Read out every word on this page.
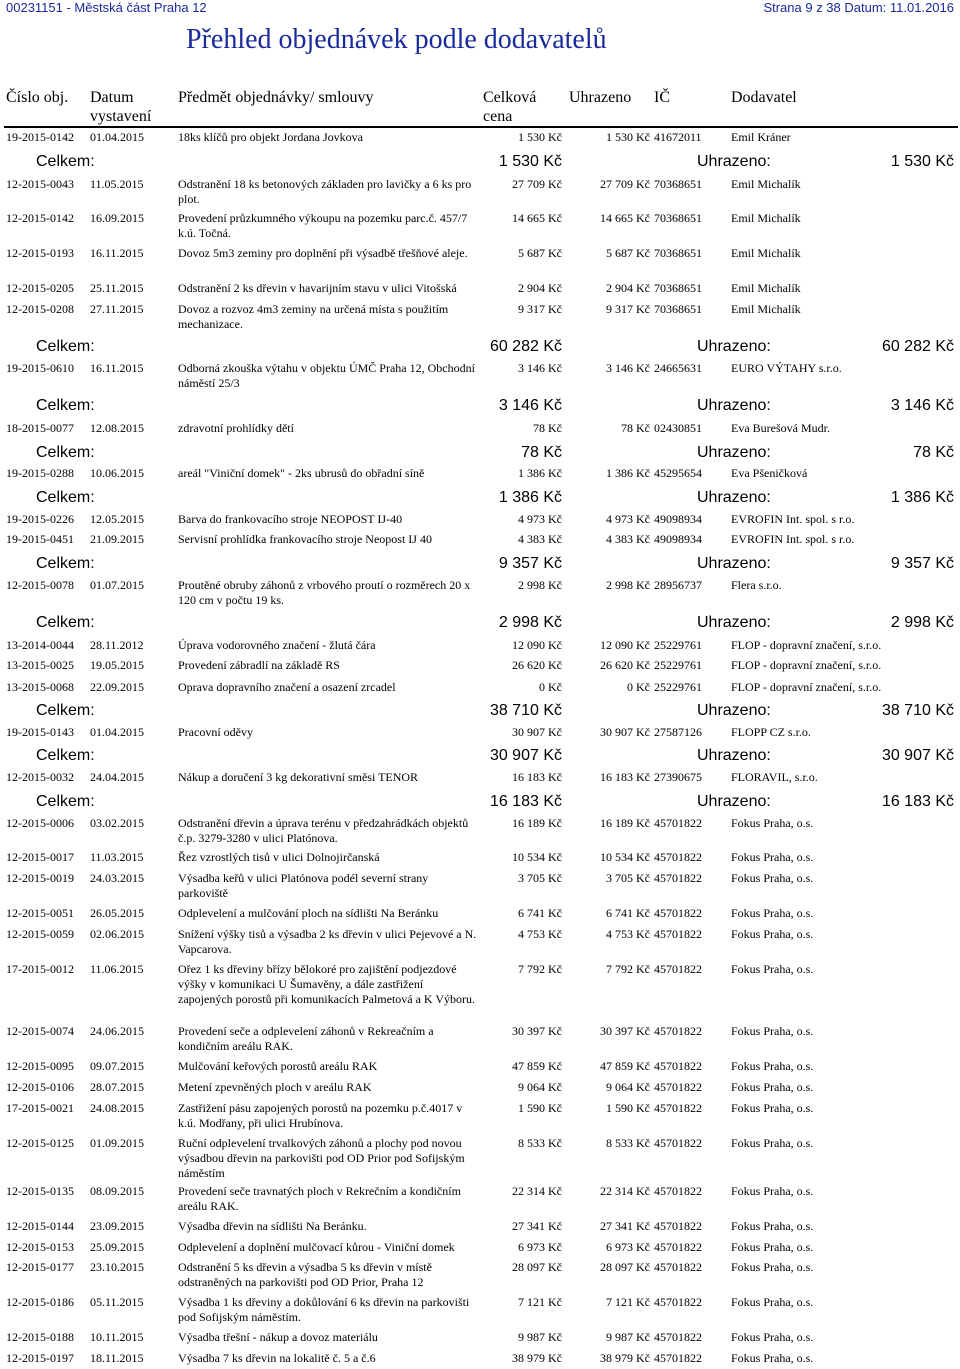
00231151 - Městská část Praha 12	Strana 9 z 38 Datum: 11.01.2016
Přehled objednávek podle dodavatelů
Číslo obj. Datum
vystavení
Předmět objednávky/ smlouvy	Celková
cena
Uhrazeno IČ	Dodavatel
19-2015-0142 01.04.2015	18ks klíčů pro objekt Jordana Jovkova	1 530 Kč	1 530 Kč 41672011 Emil Kráner
Celkem:	1 530 Kč	Uhrazeno:	1 530 Kč
12-2015-0043 11.05.2015	Odstranění 18 ks betonových základen pro lavičky a 6 ks pro plot.
27 709 Kč	27 709 Kč 70368651 Emil Michalík
12-2015-0142 16.09.2015	Provedení průzkumného výkoupu na pozemku parc.č. 457/7 k.ú. Točná.
14 665 Kč	14 665 Kč 70368651 Emil Michalík
12-2015-0193 16.11.2015	Dovoz 5m3 zeminy pro doplnění při výsadbě třešňové aleje.	5 687 Kč	5 687 Kč 70368651 Emil Michalík
12-2015-0205 25.11.2015	Odstranění 2 ks dřevin v havarijním stavu v ulici Vitošská	2 904 Kč	2 904 Kč 70368651 Emil Michalík
12-2015-0208 27.11.2015	Dovoz a rozvoz 4m3 zeminy na určená místa s použitím mechanizace.
9 317 Kč	9 317 Kč 70368651 Emil Michalík
Celkem:	60 282 Kč	Uhrazeno:	60 282 Kč
19-2015-0610 16.11.2015	Odborná zkouška výtahu v objektu ÚMČ Praha 12, Obchodní náměstí 25/3
3 146 Kč	3 146 Kč 24665631 EURO VÝTAHY s.r.o.
Celkem:	3 146 Kč	Uhrazeno:	3 146 Kč
18-2015-0077 12.08.2015	zdravotní prohlídky dětí	78 Kč	78 Kč 02430851 Eva Burešová Mudr.
Celkem:	78 Kč	Uhrazeno:	78 Kč
19-2015-0288 10.06.2015	areál "Viniční domek" - 2ks ubrusů do obřadní síně	1 386 Kč	1 386 Kč 45295654 Eva Pšeničková
Celkem:	1 386 Kč	Uhrazeno:	1 386 Kč
19-2015-0226 12.05.2015	Barva do frankovacího stroje NEOPOST IJ-40	4 973 Kč	4 973 Kč 49098934 EVROFIN Int. spol. s r.o.
19-2015-0451 21.09.2015	Servisní prohlídka frankovacího stroje Neopost IJ 40	4 383 Kč	4 383 Kč 49098934 EVROFIN Int. spol. s r.o.
Celkem:	9 357 Kč	Uhrazeno:	9 357 Kč
12-2015-0078 01.07.2015	Proutěné obruby záhonů z vrbového proutí o rozměrech 20 x 120 cm v počtu 19 ks.
2 998 Kč	2 998 Kč 28956737 Flera s.r.o.
Celkem:	2 998 Kč	Uhrazeno:	2 998 Kč
13-2014-0044 28.11.2012	Úprava vodorovného značení - žlutá čára	12 090 Kč	12 090 Kč 25229761 FLOP - dopravní značení, s.r.o.
13-2015-0025 19.05.2015	Provedení zábradlí na základě RS	26 620 Kč	26 620 Kč 25229761 FLOP - dopravní značení, s.r.o.
13-2015-0068 22.09.2015	Oprava dopravního značení a osazení zrcadel	0 Kč	0 Kč 25229761 FLOP - dopravní značení, s.r.o.
Celkem:	38 710 Kč	Uhrazeno:	38 710 Kč
19-2015-0143 01.04.2015	Pracovní oděvy	30 907 Kč	30 907 Kč 27587126 FLOPP CZ s.r.o.
Celkem:	30 907 Kč	Uhrazeno:	30 907 Kč
12-2015-0032 24.04.2015	Nákup a doručení 3 kg dekorativní směsi TENOR	16 183 Kč	16 183 Kč 27390675 FLORAVIL, s.r.o.
Celkem:	16 183 Kč	Uhrazeno:	16 183 Kč
12-2015-0006 03.02.2015	Odstranění dřevin a úprava terénu v předzahrádkách objektů č.p. 3279-3280 v ulici Platónova.
16 189 Kč	16 189 Kč 45701822 Fokus Praha, o.s.
12-2015-0017 11.03.2015	Řez vzrostlých tisů v ulici Dolnojirčanská	10 534 Kč	10 534 Kč 45701822 Fokus Praha, o.s.
12-2015-0019 24.03.2015	Výsadba keřů v ulici Platónova podél severní strany parkoviště
3 705 Kč	3 705 Kč 45701822 Fokus Praha, o.s.
12-2015-0051 26.05.2015	Odplevelení a mulčování ploch na sídlišti Na Beránku	6 741 Kč	6 741 Kč 45701822 Fokus Praha, o.s.
12-2015-0059 02.06.2015	Snížení výšky tisů a výsadba 2 ks dřevin v ulici Pejevové a N. Vapcarova.
4 753 Kč	4 753 Kč 45701822 Fokus Praha, o.s.
17-2015-0012 11.06.2015	Ořez 1 ks dřeviny břízy bělokoré pro zajištění podjezdové výšky v komunikaci U Šumavěny, a dále zastřižení zapojených porostů při komunikacích Palmetová a K Výboru.
7 792 Kč	7 792 Kč 45701822 Fokus Praha, o.s.
12-2015-0074 24.06.2015	Provedení seče a odplevelení záhonů v Rekreačním a kondičním areálu RAK.
30 397 Kč	30 397 Kč 45701822 Fokus Praha, o.s.
12-2015-0095 09.07.2015	Mulčování keřových porostů areálu RAK	47 859 Kč	47 859 Kč 45701822 Fokus Praha, o.s.
12-2015-0106 28.07.2015	Metení zpevněných ploch v areálu RAK	9 064 Kč	9 064 Kč 45701822 Fokus Praha, o.s.
17-2015-0021 24.08.2015	Zastřižení pásu zapojených porostů na pozemku p.č.4017 v k.ú. Modřany, při ulici Hrubínova.
1 590 Kč	1 590 Kč 45701822 Fokus Praha, o.s.
12-2015-0125 01.09.2015	Ruční odplevelení trvalkových záhonů a plochy pod novou výsadbou dřevin na parkovišti pod OD Prior pod Sofijským náměstím
8 533 Kč	8 533 Kč 45701822 Fokus Praha, o.s.
12-2015-0135 08.09.2015	Provedení seče travnatých ploch v Rekrečním a kondičním areálu RAK.
22 314 Kč	22 314 Kč 45701822 Fokus Praha, o.s.
12-2015-0144 23.09.2015	Výsadba dřevin na sídlišti Na Beránku.	27 341 Kč	27 341 Kč 45701822 Fokus Praha, o.s.
12-2015-0153 25.09.2015	Odplevelení a doplnění mulčovací kůrou - Viniční domek	6 973 Kč	6 973 Kč 45701822 Fokus Praha, o.s.
12-2015-0177 23.10.2015	Odstranění 5 ks dřevin a výsadba 5 ks dřevin v místě odstraněných na parkovišti pod OD Prior, Praha 12
28 097 Kč	28 097 Kč 45701822 Fokus Praha, o.s.
12-2015-0186 05.11.2015	Výsadba 1 ks dřeviny a dokůlování 6 ks dřevin na parkovišti pod Sofijským náměstím.
7 121 Kč	7 121 Kč 45701822 Fokus Praha, o.s.
12-2015-0188 10.11.2015	Výsadba třešní - nákup a dovoz materiálu	9 987 Kč	9 987 Kč 45701822 Fokus Praha, o.s.
12-2015-0197 18.11.2015	Výsadba 7 ks dřevin na lokalitě č. 5 a č.6	38 979 Kč	38 979 Kč 45701822 Fokus Praha, o.s.
